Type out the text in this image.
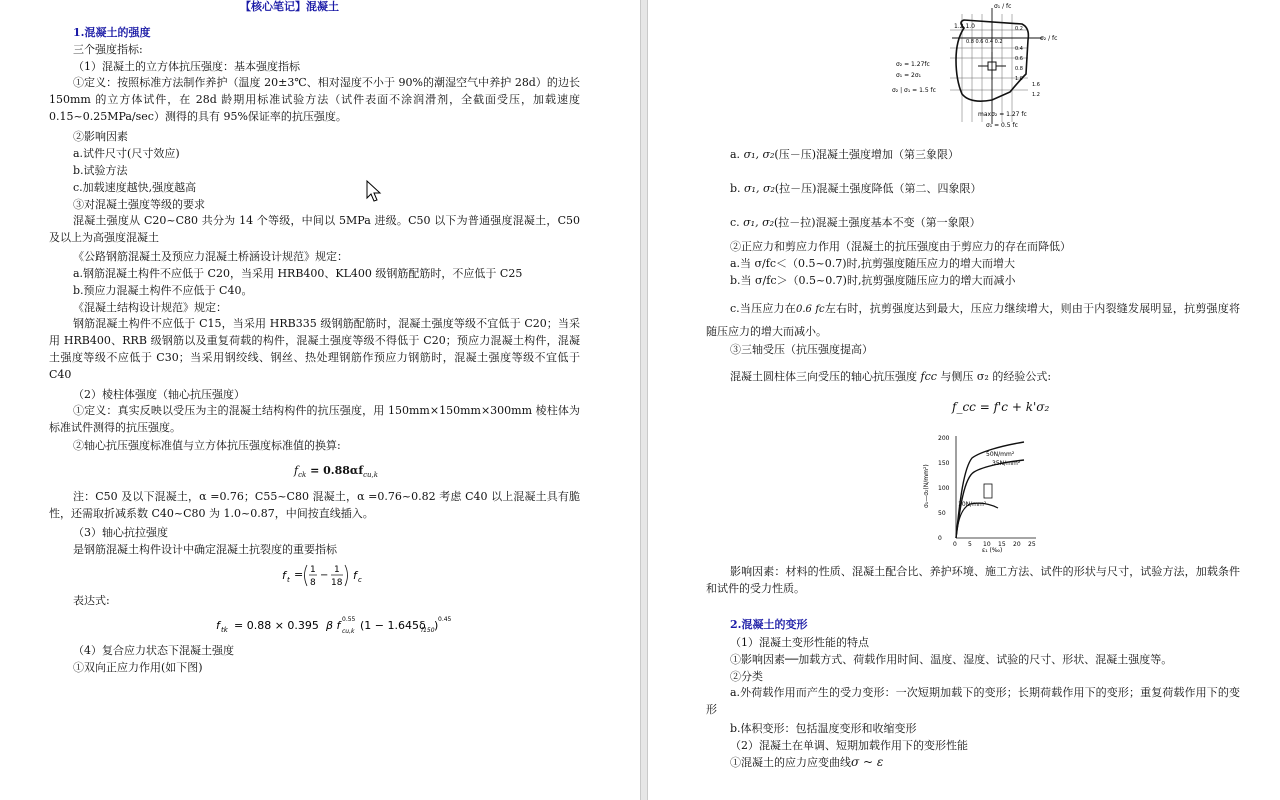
【核心笔记】混凝土
1.混凝土的强度
三个强度指标:
（1）混凝土的立方体抗压强度：基本强度指标
①定义：按照标准方法制作养护（温度 20±3℃、相对湿度不小于 90%的潮湿空气中养护 28d）的边长 150mm 的立方体试件，在 28d 龄期用标准试验方法（试件表面不涂润滑剂，全截面受压，加载速度 0.15~0.25MPa/sec）测得的具有 95%保证率的抗压强度。
②影响因素
a.试件尺寸(尺寸效应)
b.试验方法
c.加载速度越快,强度越高
③对混凝土强度等级的要求
混凝土强度从 C20~C80 共分为 14 个等级，中间以 5MPa 进级。C50 以下为普通强度混凝土，C50 及以上为高强度混凝土
《公路钢筋混凝土及预应力混凝土桥涵设计规范》规定：
a.钢筋混凝土构件不应低于 C20，当采用 HRB400、KL400 级钢筋配筋时，不应低于 C25
b.预应力混凝土构件不应低于 C40。
《混凝土结构设计规范》规定：
钢筋混凝土构件不应低于 C15，当采用 HRB335 级钢筋配筋时，混凝土强度等级不宜低于 C20；当采用 HRB400、RRB 级钢筋以及重复荷载的构件，混凝土强度等级不得低于 C20；预应力混凝土构件，混凝土强度等级不应低于 C30；当采用钢绞线、钢丝、热处理钢筋作预应力钢筋时，混凝土强度等级不宜低于 C40
（2）棱柱体强度（轴心抗压强度）
①定义：真实反映以受压为主的混凝土结构构件的抗压强度，用 150mm×150mm×300mm 棱柱体为标准试件测得的抗压强度。
②轴心抗压强度标准值与立方体抗压强度标准值的换算:
$f_{ck} = 0.88\alpha f_{cu,k}$
注：C50 及以下混凝土，α =0.76；C55~C80 混凝土，α =0.76~0.82 考虑 C40 以上混凝土具有脆性，还需取折减系数 C40~C80 为 1.0~0.87，中间按直线插入。
（3）轴心抗拉强度
是钢筋混凝土构件设计中确定混凝土抗裂度的重要指标
f t = 1
8
− 1
18
f c
表达式:
f tk = 0.88 × 0.395 β f 0.55
cu,k (1 − 1.645δ
f150 ) 0.45
（4）复合应力状态下混凝土强度
①双向正应力作用(如下图)
σ₁ / fc
σ₂ / fc
1.2 1.0
0.8 0.6 0.4 0.2
0.2
0.4
0.6
0.8
1.0
1.6
1.2
σ₂ = 1.27fc
σ₁ = 2σ₁
σ₂ | σ₁ = 1.5 fc
maxσ₂ = 1.27 fc
σ₁ = 0.5 fc
a. σ₁, σ₂(压－压)混凝土强度增加（第三象限）
b. σ₁, σ₂(拉－压)混凝土强度降低（第二、四象限）
c. σ₁, σ₂(拉－拉)混凝土强度基本不变（第一象限）
②正应力和剪应力作用（混凝土的抗压强度由于剪应力的存在而降低）
a.当 σ/fc＜（0.5~0.7)时,抗剪强度随压应力的增大而增大
b.当 σ/fc＞（0.5~0.7)时,抗剪强度随压应力的增大而减小
c.当压应力在0.6 fc左右时，抗剪强度达到最大，压应力继续增大，则由于内裂缝发展明显，抗剪强度将随压应力的增大而减小。
③三轴受压（抗压强度提高）
混凝土圆柱体三向受压的轴心抗压强度 fcc 与侧压 σ₂ 的经验公式:
f_cc = f'c + k'σ₂
200
150
100
50
0
0 5 10 15 20 25
50N/mm²
35N/mm²
10N/mm²
ε₁ (‰)
σ₁—σ₂(N/mm²)
影响因素：材料的性质、混凝土配合比、养护环境、施工方法、试件的形状与尺寸，试验方法，加载条件和试件的受力性质。
2.混凝土的变形
（1）混凝土变形性能的特点
①影响因素──加载方式、荷载作用时间、温度、湿度、试验的尺寸、形状、混凝土强度等。
②分类
a.外荷载作用而产生的受力变形：一次短期加载下的变形；长期荷载作用下的变形；重复荷载作用下的变形
b.体积变形：包括温度变形和收缩变形
（2）混凝土在单调、短期加载作用下的变形性能
①混凝土的应力应变曲线σ ~ ε
